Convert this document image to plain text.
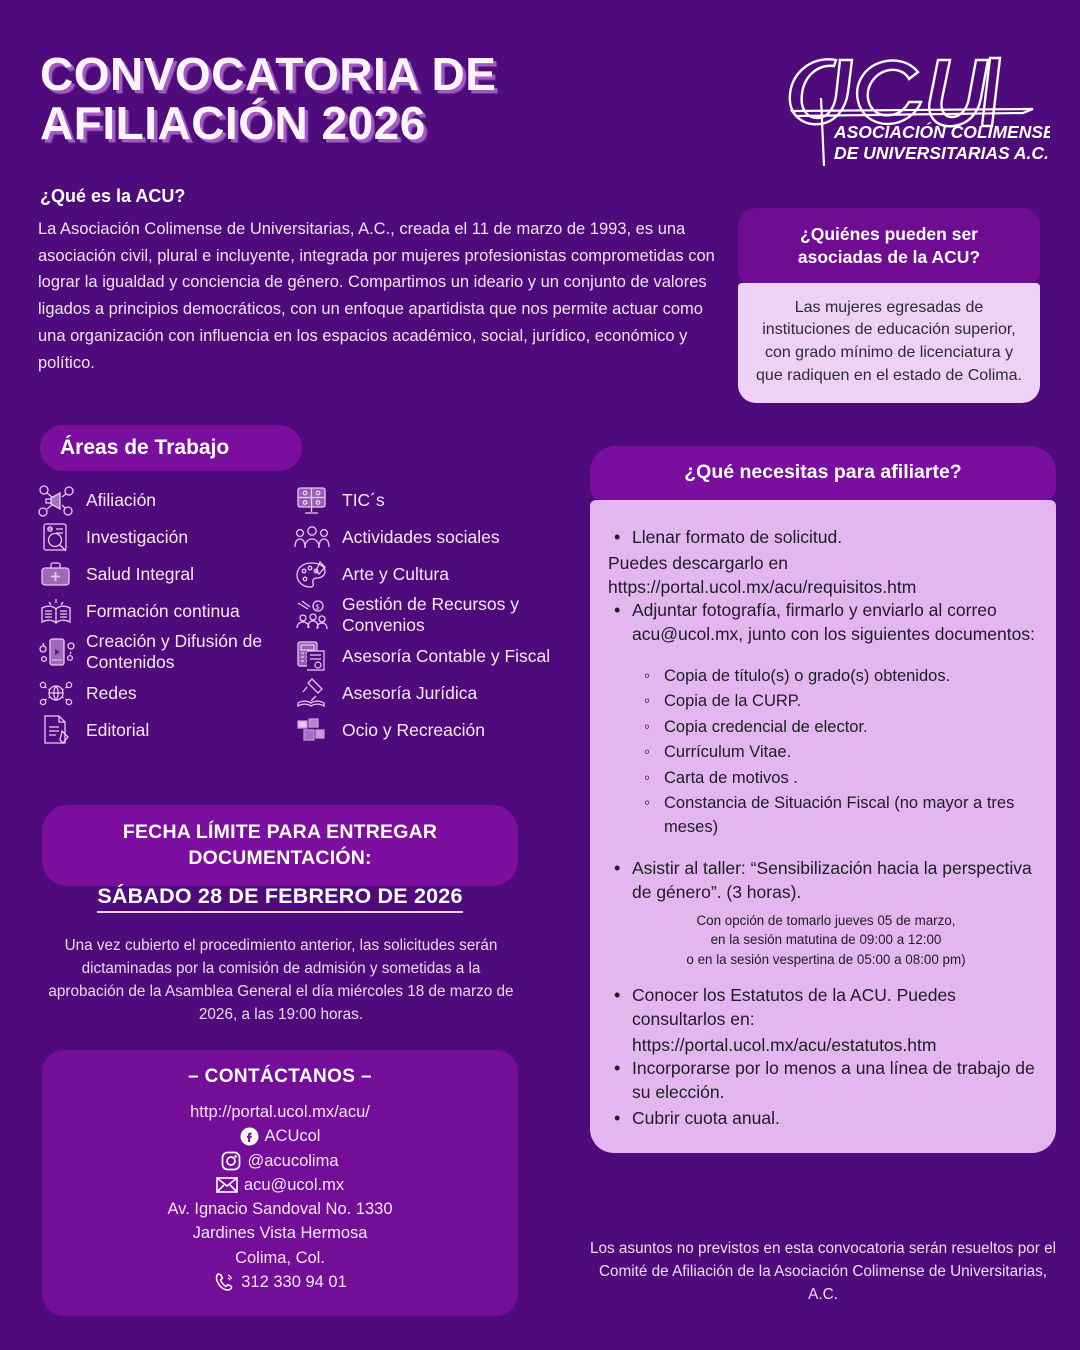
CONVOCATORIA DE
AFILIACIÓN 2026	ASOCIACIÓN COLIMENSE
DE UNIVERSITARIAS A.C.
¿Qué es la ACU?
La Asociación Colimense de Universitarias, A.C., creada el 11 de marzo de 1993, es una asociación civil, plural e incluyente, integrada por mujeres profesionistas comprometidas con lograr la igualdad y conciencia de género. Compartimos un ideario y un conjunto de valores ligados a principios democráticos, con un enfoque apartidista que nos permite actuar como una organización con influencia en los espacios académico, social, jurídico, económico y político.
¿Quiénes pueden ser asociadas de la ACU?
Las mujeres egresadas de instituciones de educación superior, con grado mínimo de licenciatura y que radiquen en el estado de Colima.
Áreas de Trabajo
Afiliación
Investigación
Salud Integral
Formación continua
Creación y Difusión de Contenidos
Redes
Editorial
TIC´s
Actividades sociales
Arte y Cultura
$ Gestión de Recursos y Convenios
Asesoría Contable y Fiscal
Asesoría Jurídica
Ocio y Recreación
FECHA LÍMITE PARA ENTREGAR
DOCUMENTACIÓN:
SÁBADO 28 DE FEBRERO DE 2026
Una vez cubierto el procedimiento anterior, las solicitudes serán dictaminadas por la comisión de admisión y sometidas a la aprobación de la Asamblea General el día miércoles 18 de marzo de 2026, a las 19:00 horas.
– CONTÁCTANOS –
http://portal.ucol.mx/acu/
ACUcol
@acucolima
acu@ucol.mx
Av. Ignacio Sandoval No. 1330
Jardines Vista Hermosa
Colima, Col.
312 330 94 01
¿Qué necesitas para afiliarte?
• Llenar formato de solicitud.
Puedes descargarlo en
https://portal.ucol.mx/acu/requisitos.htm
• Adjuntar fotografía, firmarlo y enviarlo al correo acu@ucol.mx, junto con los siguientes documentos:
◦ Copia de título(s) o grado(s) obtenidos.
◦ Copia de la CURP.
◦ Copia credencial de elector.
◦ Currículum Vitae.
◦ Carta de motivos .
◦ Constancia de Situación Fiscal (no mayor a tres meses)
• Asistir al taller: “Sensibilización hacia la perspectiva de género”. (3 horas).
Con opción de tomarlo jueves 05 de marzo,
en la sesión matutina de 09:00 a 12:00
o en la sesión vespertina de 05:00 a 08:00 pm)
• Conocer los Estatutos de la ACU. Puedes consultarlos en:
https://portal.ucol.mx/acu/estatutos.htm
• Incorporarse por lo menos a una línea de trabajo de su elección.
• Cubrir cuota anual.
Los asuntos no previstos en esta convocatoria serán resueltos por el Comité de Afiliación de la Asociación Colimense de Universitarias, A.C.
